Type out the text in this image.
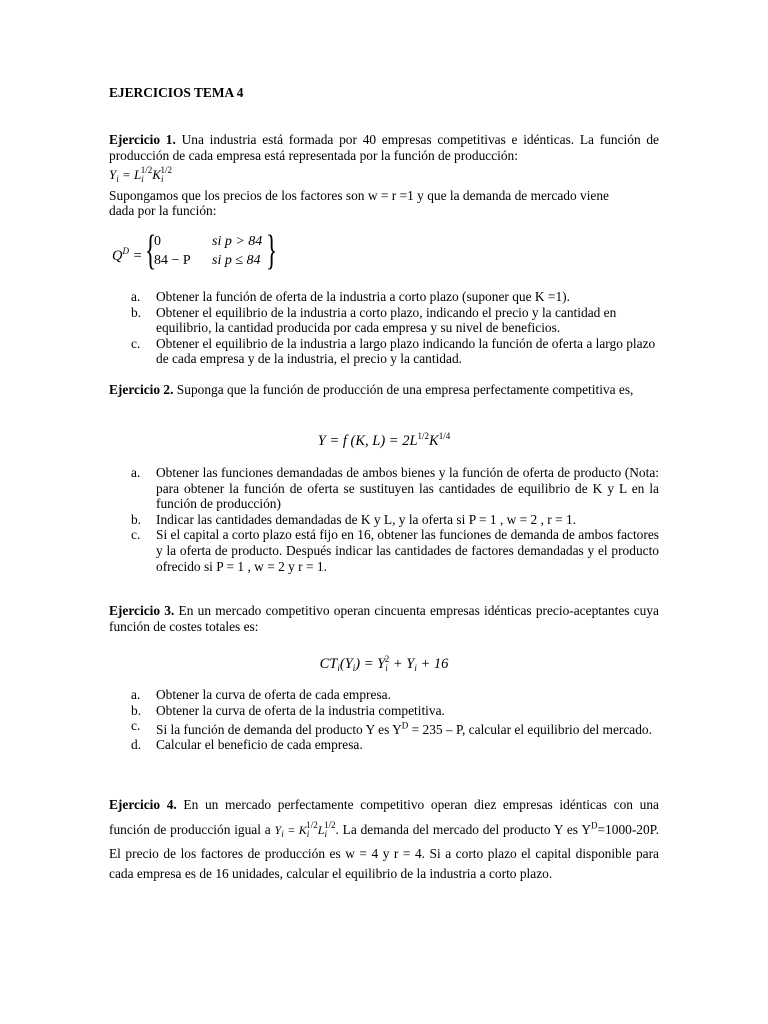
EJERCICIOS TEMA 4

Ejercicio 1. Una industria está formada por 40 empresas competitivas e idénticas. La función de producción de cada empresa está representada por la función de producción:

$Y_i = L_i^{1/2}K_i^{1/2}$

Supongamos que los precios de los factores son w = r =1 y que la demanda de mercado viene dada por la función:

$Q^D$ = {
0	si p > 84
84 − P si p ≤ 84 }
a. Obtener la función de oferta de la industria a corto plazo (suponer que K =1).
b. Obtener el equilibrio de la industria a corto plazo, indicando el precio y la cantidad en equilibrio, la cantidad producida por cada empresa y su nivel de beneficios.
c. Obtener el equilibrio de la industria a largo plazo indicando la función de oferta a largo plazo de cada empresa y de la industria, el precio y la cantidad.

Ejercicio 2. Suponga que la función de producción de una empresa perfectamente competitiva es,

Y = f (K, $L) = 2L^{1/2}K^{1/4}$
a. Obtener las funciones demandadas de ambos bienes y la función de oferta de producto (Nota: para obtener la función de oferta se sustituyen las cantidades de equilibrio de K y L en la función de producción)
b. Indicar las cantidades demandadas de K y L, y la oferta si P = 1 , w = 2 , r = 1.
c. Si el capital a corto plazo está fijo en 16, obtener las funciones de demanda de ambos factores y la oferta de producto. Después indicar las cantidades de factores demandadas y el producto ofrecido si P = 1 , w = 2 y r = 1.

Ejercicio 3. En un mercado competitivo operan cincuenta empresas idénticas precio-aceptantes cuya función de costes totales es:

$CT_i(Y_i) = Y_i^2 + Y_i + 16$
a. Obtener la curva de oferta de cada empresa.
b. Obtener la curva de oferta de la industria competitiva.
c. Si la función de demanda del producto Y es $Y^D = 235 - P$, calcular el equilibrio del mercado.
d. Calcular el beneficio de cada empresa.
Ejercicio 4. En un mercado perfectamente competitivo operan diez empresas idénticas con una función de producción igual a $Y_i = K_i^{1/2}L_i^{1/2}$. La demanda del mercado del producto Y es $Y^D=1000-20P$. El precio de los factores de producción es w = 4 y r = 4. Si a corto plazo el capital disponible para cada empresa es de 16 unidades, calcular el equilibrio de la industria a corto plazo.
